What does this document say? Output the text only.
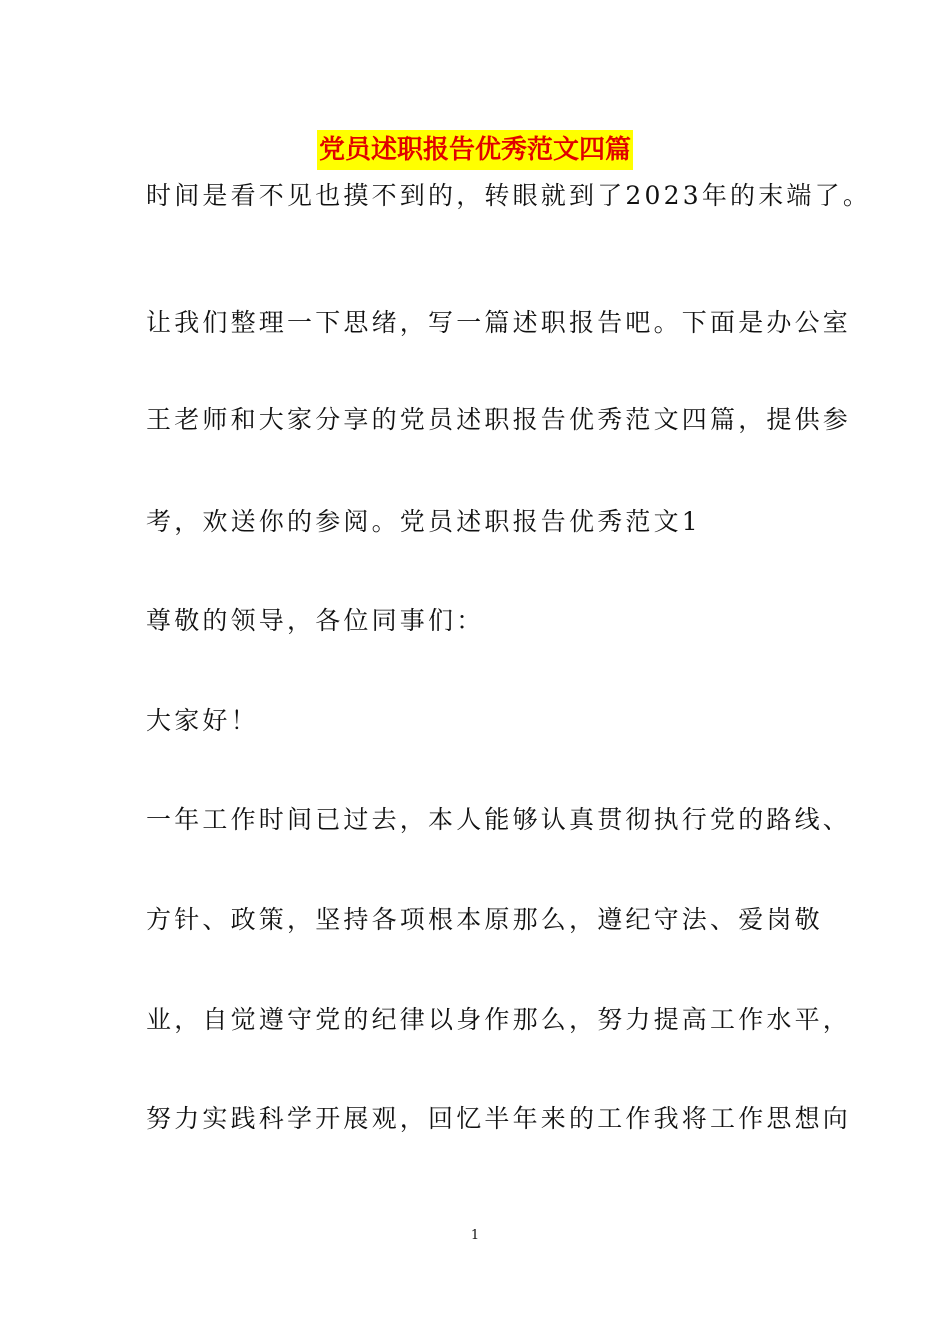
党员述职报告优秀范文四篇
时间是看不见也摸不到的，转眼就到了2023年的末端了。
让我们整理一下思绪，写一篇述职报告吧。下面是办公室
王老师和大家分享的党员述职报告优秀范文四篇，提供参
考，欢送你的参阅。党员述职报告优秀范文1
尊敬的领导，各位同事们：
大家好！
一年工作时间已过去，本人能够认真贯彻执行党的路线、
方针、政策，坚持各项根本原那么，遵纪守法、爱岗敬
业，自觉遵守党的纪律以身作那么，努力提高工作水平，
努力实践科学开展观，回忆半年来的工作我将工作思想向
1
